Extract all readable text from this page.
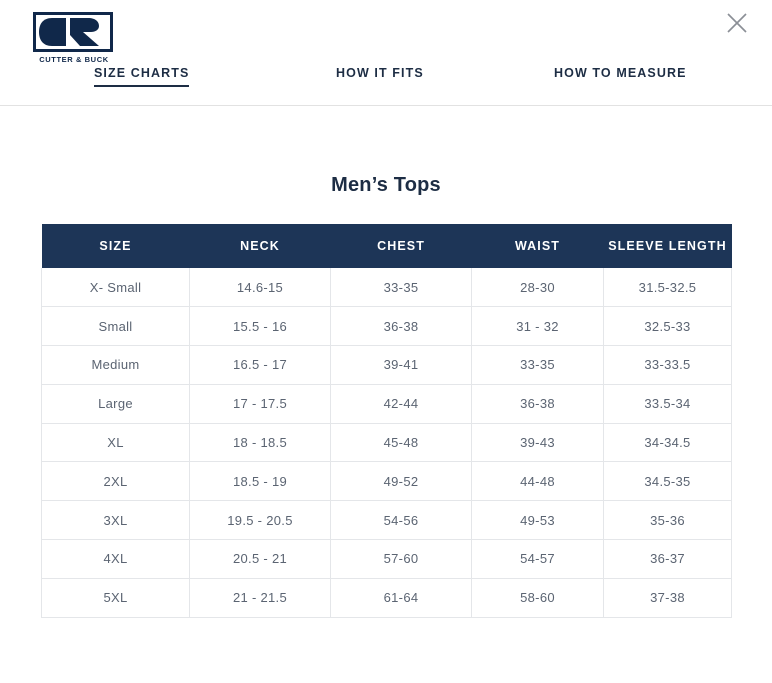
CUTTER & BUCK
SIZE CHARTS	HOW IT FITS	HOW TO MEASURE
Men’s Tops
SIZE	NECK	CHEST	WAIST	SLEEVE LENGTH
X- Small	14.6-15	33-35	28-30	31.5-32.5
Small	15.5 - 16	36-38	31 - 32	32.5-33
Medium	16.5 - 17	39-41	33-35	33-33.5
Large	17 - 17.5	42-44	36-38	33.5-34
XL	18 - 18.5	45-48	39-43	34-34.5
2XL	18.5 - 19	49-52	44-48	34.5-35
3XL	19.5 - 20.5	54-56	49-53	35-36
4XL	20.5 - 21	57-60	54-57	36-37
5XL	21 - 21.5	61-64	58-60	37-38
